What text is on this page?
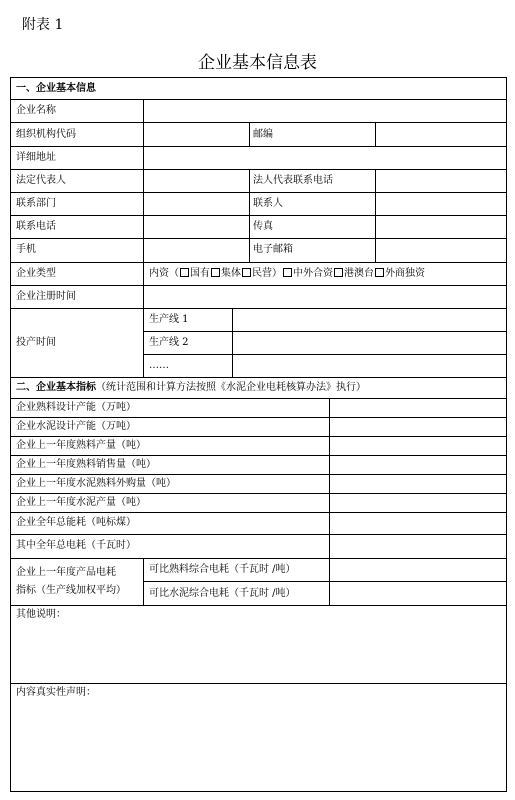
附表 1
企业基本信息表
一、企业基本信息
企业名称
组织机构代码	邮编
详细地址
法定代表人	法人代表联系电话
联系部门	联系人
联系电话	传真
手机	电子邮箱
企业类型	内资（ 国有 集体 民营） 中外合资 港澳台 外商独资
企业注册时间
投产时间
生产线 1
生产线 2
……
二、企业基本指标（统计范围和计算方法按照《水泥企业电耗核算办法》执行）
企业熟料设计产能（万吨）
企业水泥设计产能（万吨）
企业上一年度熟料产量（吨）
企业上一年度熟料销售量（吨）
企业上一年度水泥熟料外购量（吨）
企业上一年度水泥产量（吨）
企业全年总能耗（吨标煤）
其中全年总电耗（千瓦时）
企业上一年度产品电耗
指标（生产线加权平均）
可比熟料综合电耗（千瓦时 /吨）
可比水泥综合电耗（千瓦时 /吨）
其他说明：
内容真实性声明：
